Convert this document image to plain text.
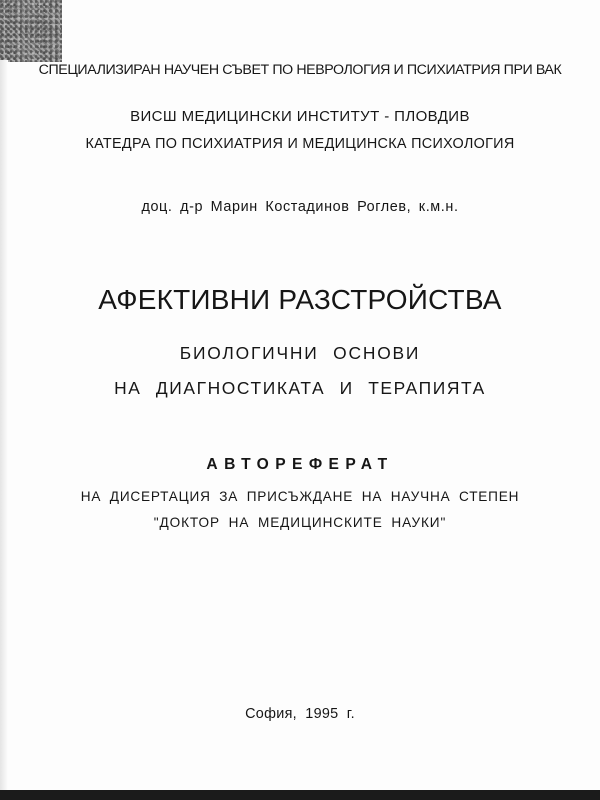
СПЕЦИАЛИЗИРАН НАУЧЕН СЪВЕТ ПО НЕВРОЛОГИЯ И ПСИХИАТРИЯ ПРИ ВАК
ВИСШ МЕДИЦИНСКИ ИНСТИТУТ - ПЛОВДИВ
КАТЕДРА ПО ПСИХИАТРИЯ И МЕДИЦИНСКА ПСИХОЛОГИЯ
доц. д-р Марин Костадинов Роглев, к.м.н.
АФЕКТИВНИ РАЗСТРОЙСТВА
БИОЛОГИЧНИ ОСНОВИ
НА ДИАГНОСТИКАТА И ТЕРАПИЯТА
АВТОРЕФЕРАТ
НА ДИСЕРТАЦИЯ ЗА ПРИСЪЖДАНЕ НА НАУЧНА СТЕПЕН
"ДОКТОР НА МЕДИЦИНСКИТЕ НАУКИ"
София, 1995 г.
